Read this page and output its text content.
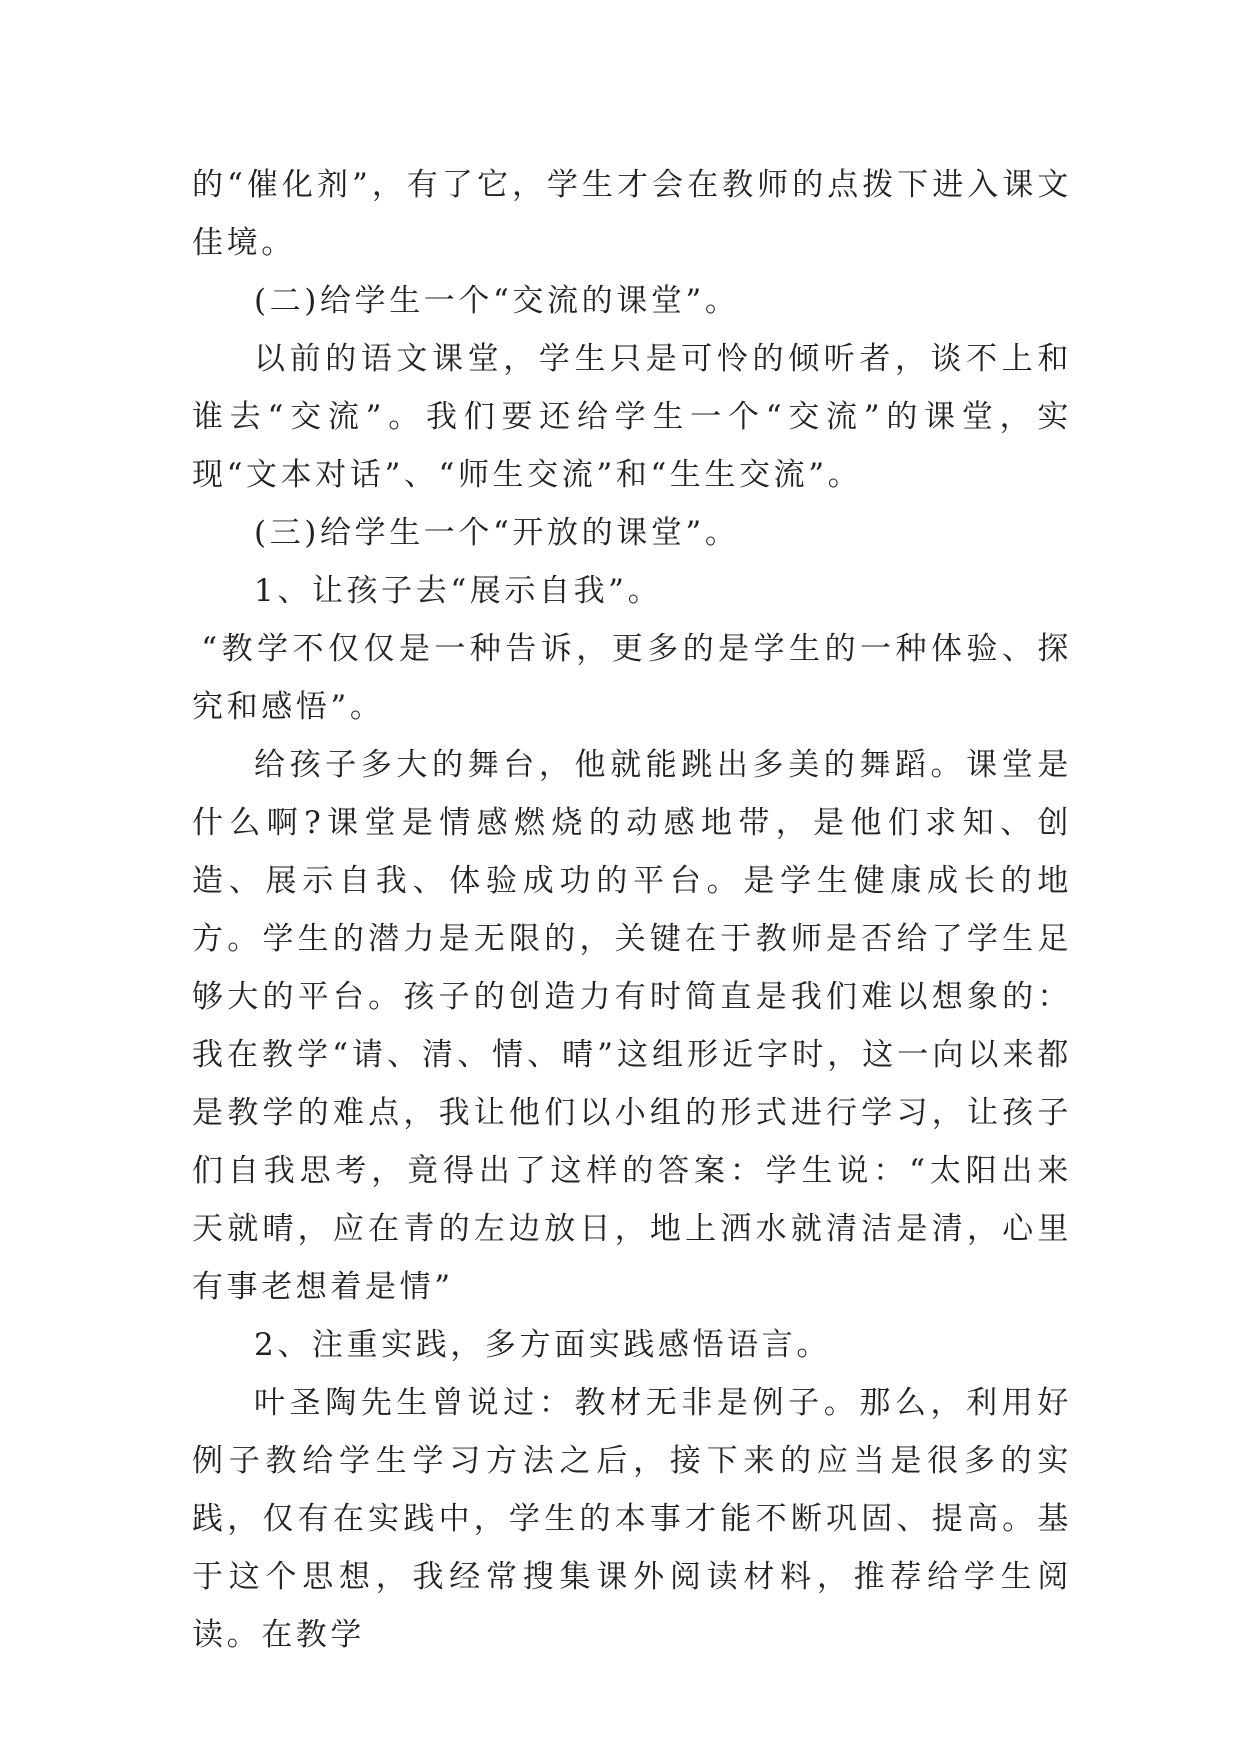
的“催化剂”，有了它，学生才会在教师的点拨下进入课文佳境。

(二)给学生一个“交流的课堂”。

以前的语文课堂，学生只是可怜的倾听者，谈不上和谁去“交流”。我们要还给学生一个“交流”的课堂，实现“文本对话”、“师生交流”和“生生交流”。

(三)给学生一个“开放的课堂”。

1、让孩子去“展示自我”。

“教学不仅仅是一种告诉，更多的是学生的一种体验、探究和感悟”。

给孩子多大的舞台，他就能跳出多美的舞蹈。课堂是什么啊?课堂是情感燃烧的动感地带，是他们求知、创造、展示自我、体验成功的平台。是学生健康成长的地方。学生的潜力是无限的，关键在于教师是否给了学生足够大的平台。孩子的创造力有时简直是我们难以想象的：我在教学“请、清、情、晴”这组形近字时，这一向以来都是教学的难点，我让他们以小组的形式进行学习，让孩子们自我思考，竟得出了这样的答案：学生说：“太阳出来天就晴，应在青的左边放日，地上洒水就清洁是清，心里有事老想着是情”

2、注重实践，多方面实践感悟语言。

叶圣陶先生曾说过：教材无非是例子。那么，利用好例子教给学生学习方法之后，接下来的应当是很多的实践，仅有在实践中，学生的本事才能不断巩固、提高。基于这个思想，我经常搜集课外阅读材料，推荐给学生阅读。在教学
